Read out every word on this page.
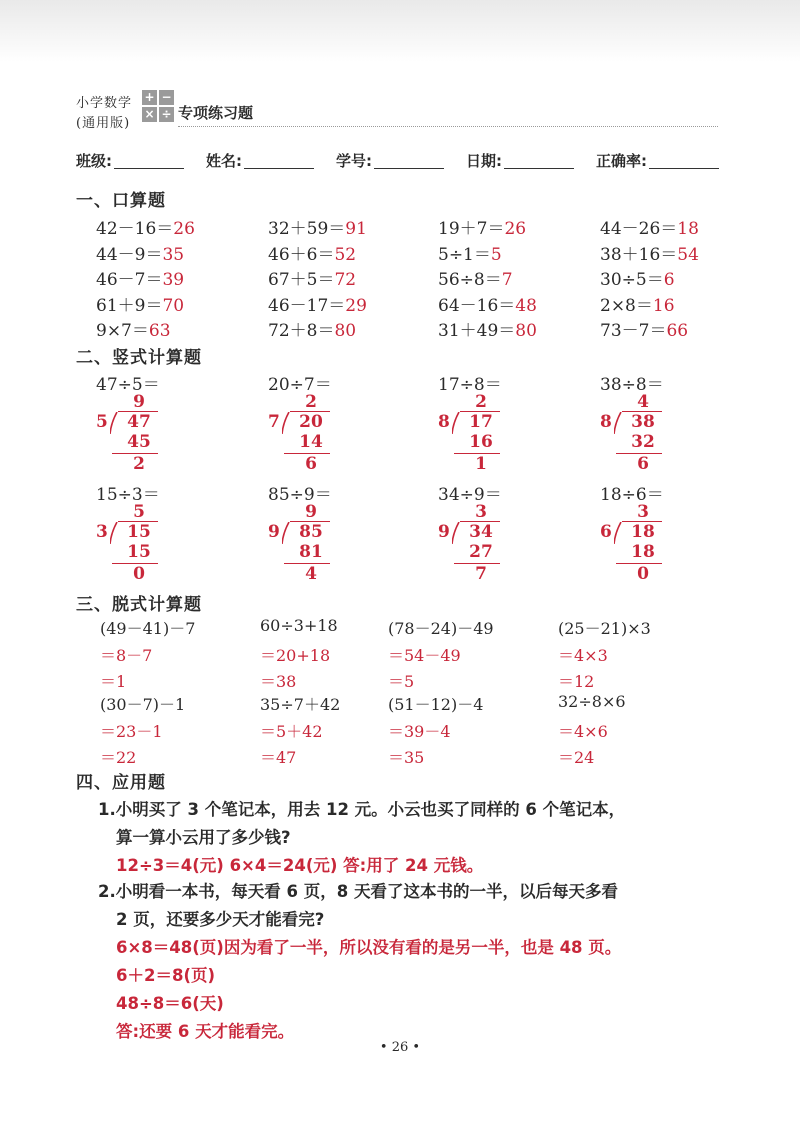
小学数学
(通用版)
+ −
× ÷ 专项练习题
班级:	姓名:	学号:	日期:	正确率:
一、口算题
42－16＝26	32＋59＝91	19＋7＝26	44－26＝18
44－9＝35	46＋6＝52	5÷1＝5	38＋16＝54
46－7＝39	67＋5＝72	56÷8＝7	30÷5＝6
61＋9＝70	46－17＝29	64－16＝48	2×8＝16
9×7＝63	72＋8＝80	31＋49＝80	73－7＝66
二、竖式计算题
47÷5＝
9
5	47
45
2
20÷7＝
2
7	20
14
6
17÷8＝
2
8	17
16
1
38÷8＝
4
8	38
32
6
15÷3＝
5
3	15
15
0
85÷9＝
9
9	85
81
4
34÷9＝
3
9	34
27
7
18÷6＝
3
6	18
18
0
三、脱式计算题
(49－41)－7
＝8－7
＝1
60÷3+18
＝20+18
＝38
(78－24)－49
＝54－49
＝5
(25－21)×3
＝4×3
＝12
(30－7)－1
＝23－1
＝22
35÷7＋42
＝5＋42
＝47
(51－12)－4
＝39－4
＝35
32÷8×6
＝4×6
＝24
四、应用题
1.小明买了 3 个笔记本，用去 12 元。小云也买了同样的 6 个笔记本，
算一算小云用了多少钱?
12÷3＝4(元) 6×4＝24(元) 答:用了 24 元钱。
2.小明看一本书，每天看 6 页，8 天看了这本书的一半，以后每天多看
2 页，还要多少天才能看完?
6×8＝48(页)因为看了一半，所以没有看的是另一半，也是 48 页。
6＋2＝8(页)
48÷8＝6(天)
答:还要 6 天才能看完。
• 26 •
